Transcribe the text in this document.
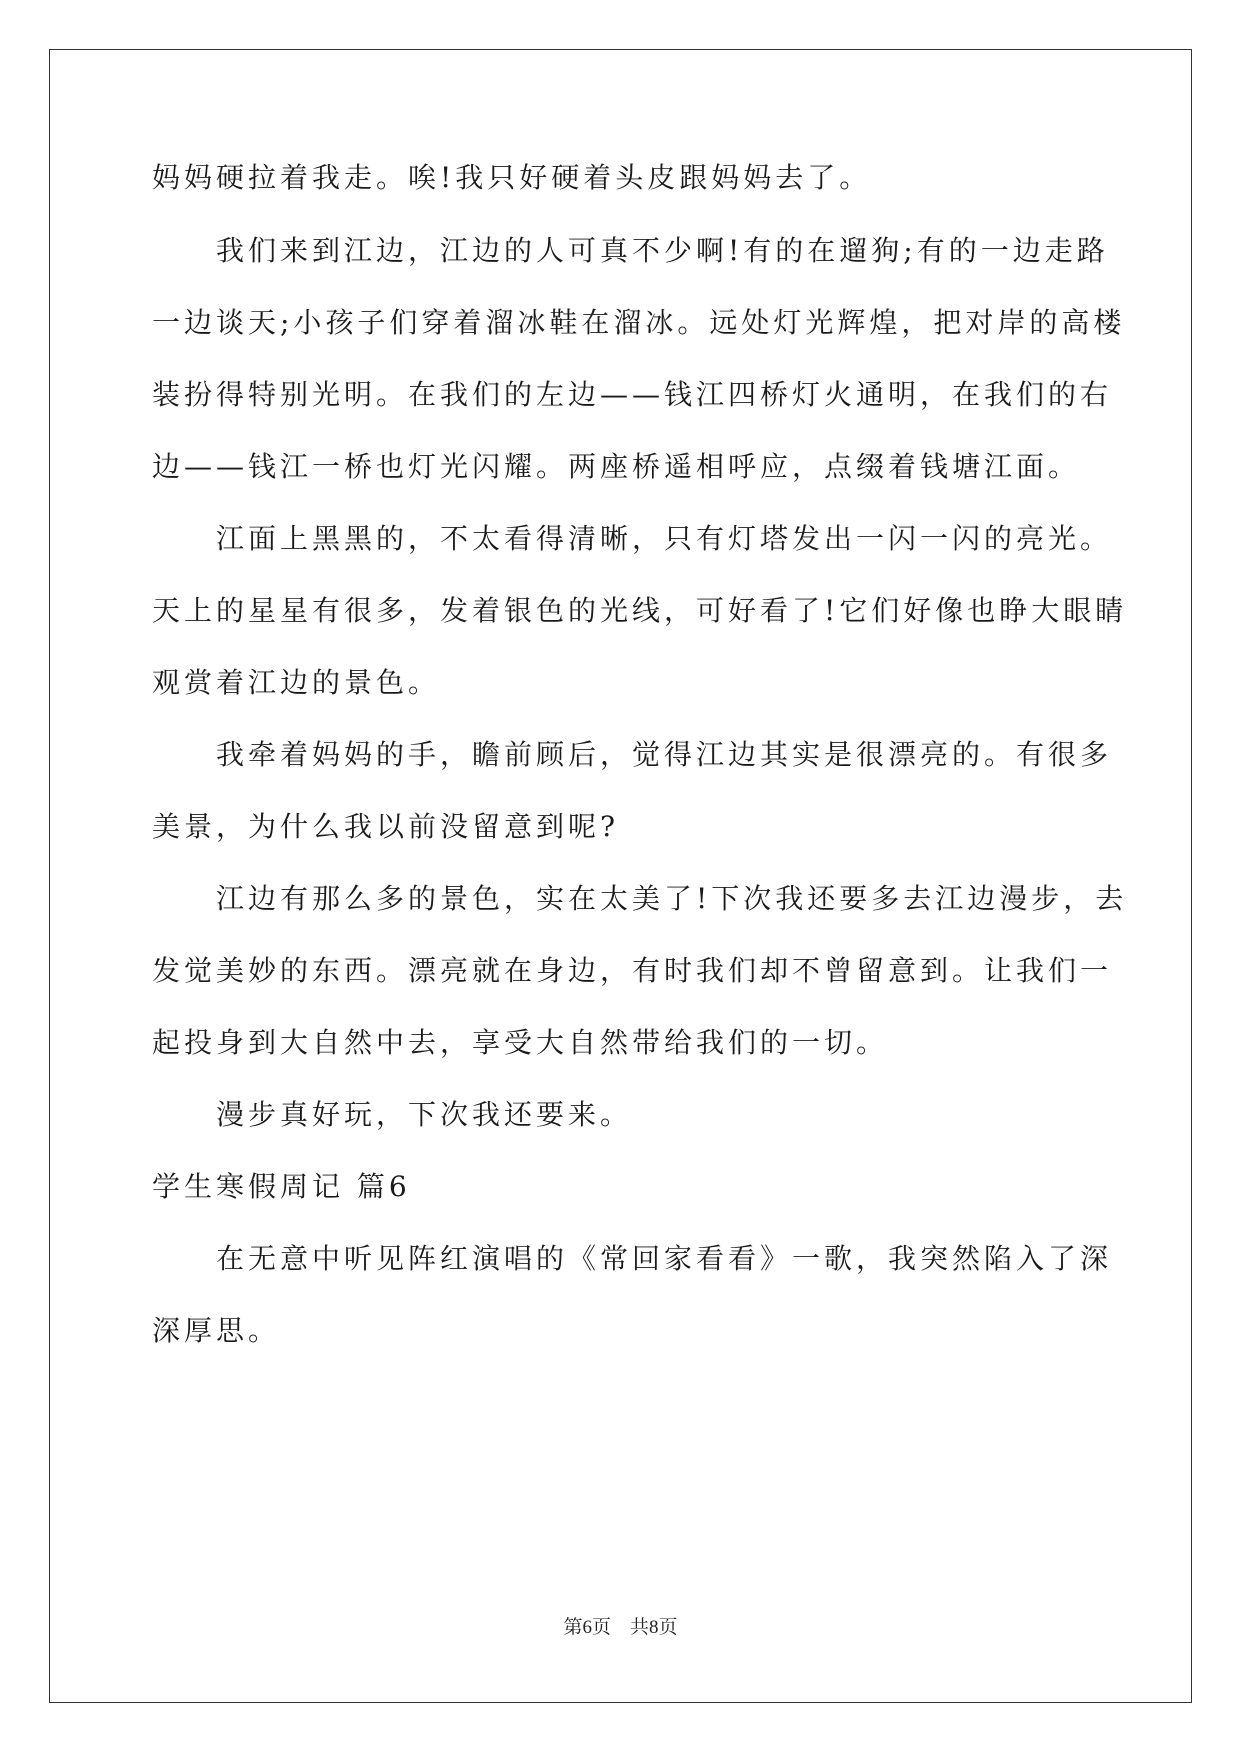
妈妈硬拉着我走。唉!我只好硬着头皮跟妈妈去了。
　　我们来到江边，江边的人可真不少啊!有的在遛狗;有的一边走路
一边谈天;小孩子们穿着溜冰鞋在溜冰。远处灯光辉煌，把对岸的高楼
装扮得特别光明。在我们的左边——钱江四桥灯火通明，在我们的右
边——钱江一桥也灯光闪耀。两座桥遥相呼应，点缀着钱塘江面。
　　江面上黑黑的，不太看得清晰，只有灯塔发出一闪一闪的亮光。
天上的星星有很多，发着银色的光线，可好看了!它们好像也睁大眼睛
观赏着江边的景色。
　　我牵着妈妈的手，瞻前顾后，觉得江边其实是很漂亮的。有很多
美景，为什么我以前没留意到呢?
　　江边有那么多的景色，实在太美了!下次我还要多去江边漫步，去
发觉美妙的东西。漂亮就在身边，有时我们却不曾留意到。让我们一
起投身到大自然中去，享受大自然带给我们的一切。
　　漫步真好玩，下次我还要来。
学生寒假周记 篇6
　　在无意中听见阵红演唱的《常回家看看》一歌，我突然陷入了深
深厚思。
第6页　共8页
